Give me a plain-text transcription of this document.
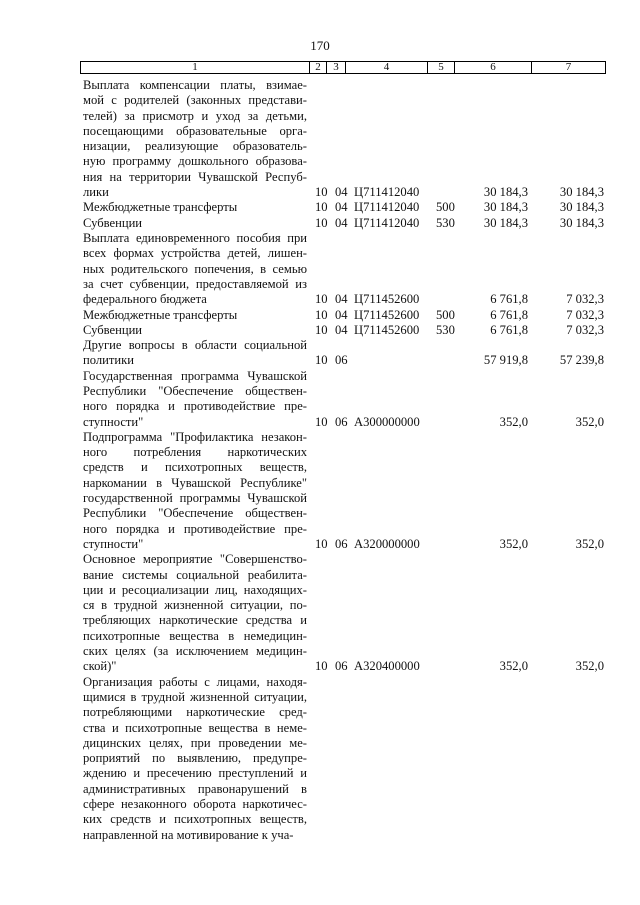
170
1	2	3	4	5	6	7
Выплата компенсации платы, взимае-
мой с родителей (законных представи-
телей) за присмотр и уход за детьми,
посещающими образовательные орга-
низации, реализующие образователь-
ную программу дошкольного образова-
ния на территории Чувашской Респуб-
лики	10 04 Ц711412040	30 184,3	30 184,3
Межбюджетные трансферты	10 04 Ц711412040 500	30 184,3	30 184,3
Субвенции	10 04 Ц711412040 530	30 184,3	30 184,3
Выплата единовременного пособия при
всех формах устройства детей, лишен-
ных родительского попечения, в семью
за счет субвенции, предоставляемой из
федерального бюджета	10 04 Ц711452600	6 761,8	7 032,3
Межбюджетные трансферты	10 04 Ц711452600 500	6 761,8	7 032,3
Субвенции	10 04 Ц711452600 530	6 761,8	7 032,3
Другие вопросы в области социальной
политики	10 06	57 919,8	57 239,8
Государственная программа Чувашской
Республики "Обеспечение обществен-
ного порядка и противодействие пре-
ступности"	10 06 А300000000	352,0	352,0
Подпрограмма "Профилактика незакон-
ного потребления наркотических
средств и психотропных веществ,
наркомании в Чувашской Республике"
государственной программы Чувашской
Республики "Обеспечение обществен-
ного порядка и противодействие пре-
ступности"	10 06 А320000000	352,0	352,0
Основное мероприятие "Совершенство-
вание системы социальной реабилита-
ции и ресоциализации лиц, находящих-
ся в трудной жизненной ситуации, по-
требляющих наркотические средства и
психотропные вещества в немедицин-
ских целях (за исключением медицин-
ской)"	10 06 А320400000	352,0	352,0
Организация работы с лицами, находя-
щимися в трудной жизненной ситуации,
потребляющими наркотические сред-
ства и психотропные вещества в неме-
дицинских целях, при проведении ме-
роприятий по выявлению, предупре-
ждению и пресечению преступлений и
административных правонарушений в
сфере незаконного оборота наркотичес-
ких средств и психотропных веществ,
направленной на мотивирование к уча-
